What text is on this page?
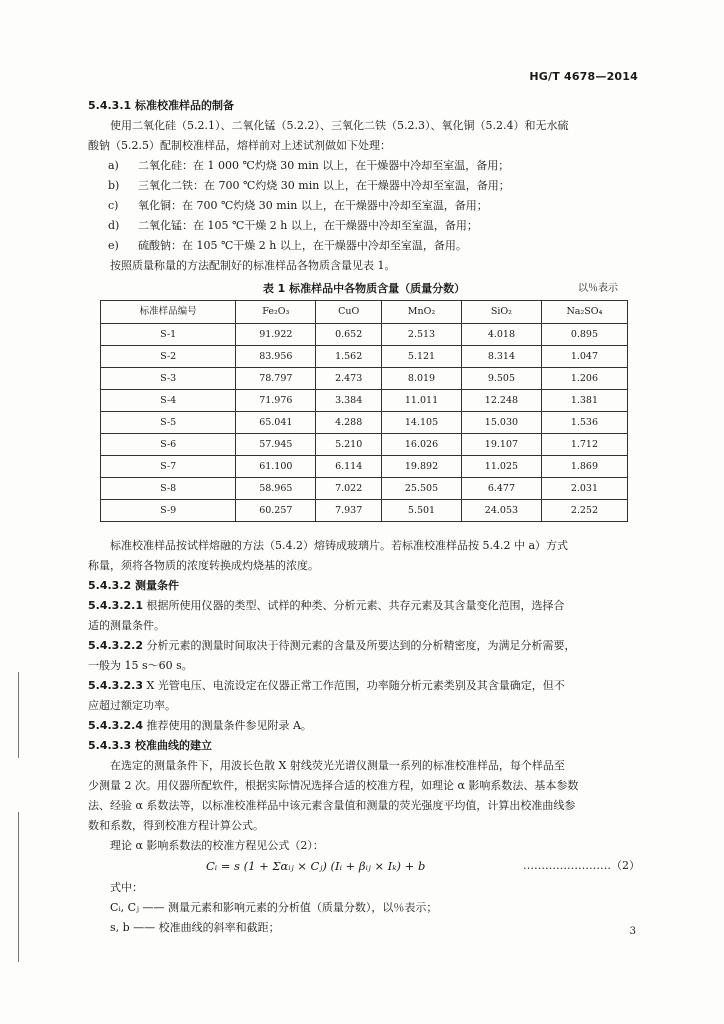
HG/T 4678—2014

5.4.3.1 标准校准样品的制备

使用二氧化硅（5.2.1）、二氧化锰（5.2.2）、三氧化二铁（5.2.3）、氧化铜（5.2.4）和无水硫

酸钠（5.2.5）配制校准样品，熔样前对上述试剂做如下处理：

a) 二氧化硅：在 1 000 ℃灼烧 30 min 以上，在干燥器中冷却至室温，备用；
b) 三氧化二铁：在 700 ℃灼烧 30 min 以上，在干燥器中冷却至室温，备用；
c) 氧化铜：在 700 ℃灼烧 30 min 以上，在干燥器中冷却至室温，备用；
d) 二氧化锰：在 105 ℃干燥 2 h 以上，在干燥器中冷却至室温，备用；
e) 硫酸钠：在 105 ℃干燥 2 h 以上，在干燥器中冷却至室温，备用。

按照质量称量的方法配制好的标准样品各物质含量见表 1。

表 1 标准样品中各物质含量（质量分数）	以％表示
标准样品编号	Fe₂O₃	CuO	MnO₂	SiO₂	Na₂SO₄
S-1	91.922	0.652	2.513	4.018	0.895
S-2	83.956	1.562	5.121	8.314	1.047
S-3	78.797	2.473	8.019	9.505	1.206
S-4	71.976	3.384	11.011	12.248	1.381
S-5	65.041	4.288	14.105	15.030	1.536
S-6	57.945	5.210	16.026	19.107	1.712
S-7	61.100	6.114	19.892	11.025	1.869
S-8	58.965	7.022	25.505	6.477	2.031
S-9	60.257	7.937	5.501	24.053	2.252

标准校准样品按试样熔融的方法（5.4.2）熔铸成玻璃片。若标准校准样品按 5.4.2 中 a）方式

称量，须将各物质的浓度转换成灼烧基的浓度。

5.4.3.2 测量条件

5.4.3.2.1 根据所使用仪器的类型、试样的种类、分析元素、共存元素及其含量变化范围，选择合

适的测量条件。

5.4.3.2.2 分析元素的测量时间取决于待测元素的含量及所要达到的分析精密度，为满足分析需要，

一般为 15 s～60 s。

5.4.3.2.3 X 光管电压、电流设定在仪器正常工作范围，功率随分析元素类别及其含量确定，但不

应超过额定功率。

5.4.3.2.4 推荐使用的测量条件参见附录 A。

5.4.3.3 校准曲线的建立

在选定的测量条件下，用波长色散 X 射线荧光光谱仪测量一系列的标准校准样品，每个样品至

少测量 2 次。用仪器所配软件，根据实际情况选择合适的校准方程，如理论 α 影响系数法、基本参数

法、经验 α 系数法等，以标准校准样品中该元素含量值和测量的荧光强度平均值，计算出校准曲线参

数和系数，得到校准方程计算公式。

理论 α 影响系数法的校准方程见公式（2）：

Cᵢ = s (1 + Σαᵢⱼ × Cⱼ) (Iᵢ + βᵢⱼ × Iₖ) + b	……………………（2）

式中：

Cᵢ, Cⱼ —— 测量元素和影响元素的分析值（质量分数），以％表示；

s, b —— 校准曲线的斜率和截距；	3
